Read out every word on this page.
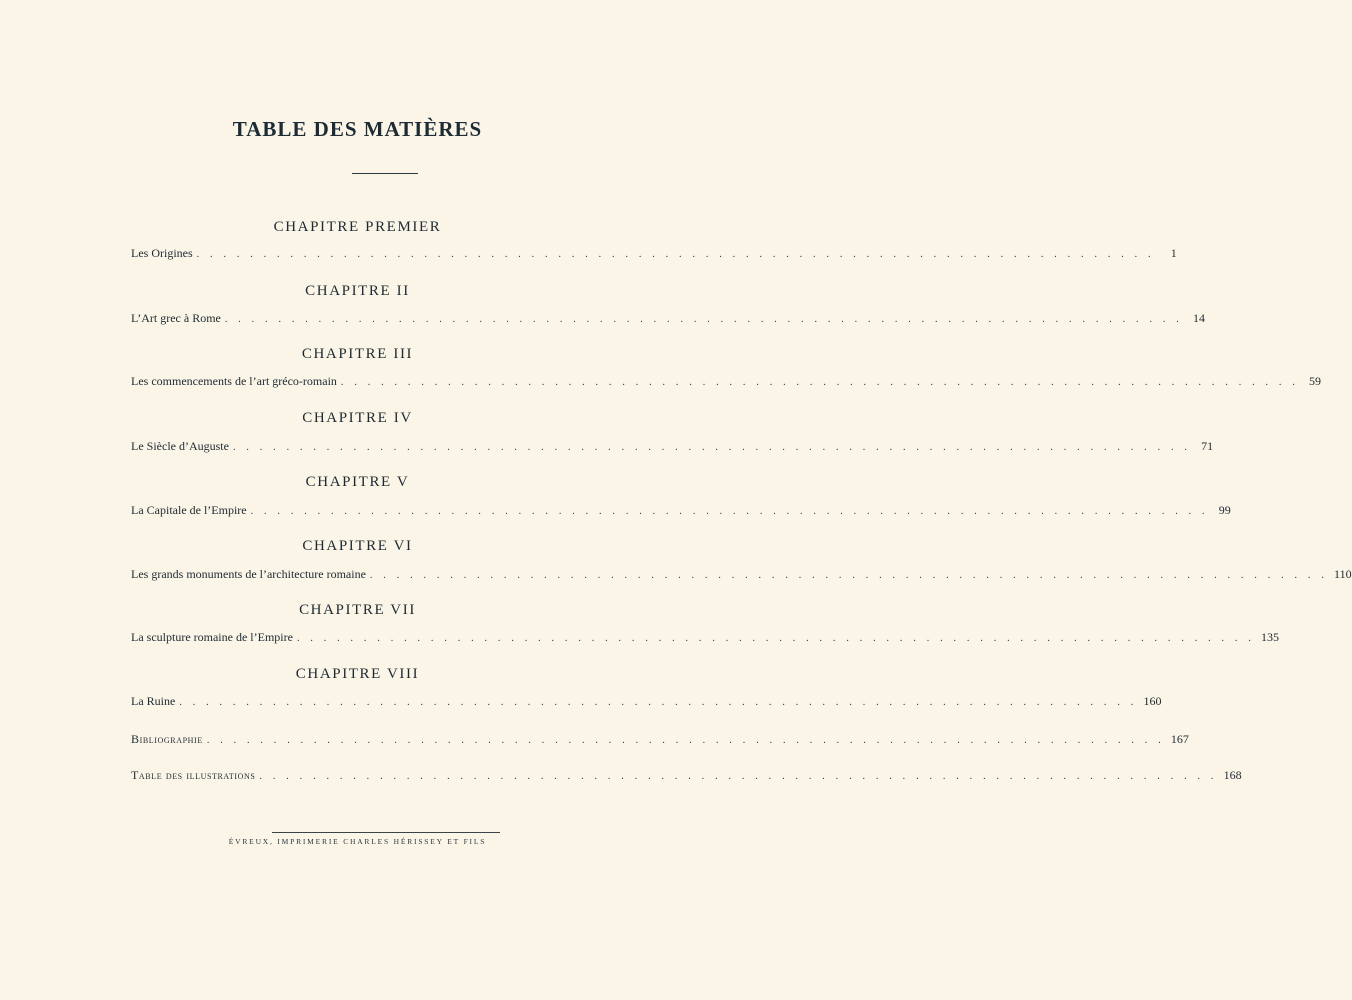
TABLE DES MATIÈRES
CHAPITRE PREMIER
Les Origines . . . . . . . . . . . . . . . . . . . . . . . . . . . . . . . . . . . . . . . . . . . . . . . . . . . . . . . . . . . . . . . . . . . . . . . .	1
CHAPITRE II
L’Art grec à Rome . . . . . . . . . . . . . . . . . . . . . . . . . . . . . . . . . . . . . . . . . . . . . . . . . . . . . . . . . . . . . . . . . . . . . . . . 14
CHAPITRE III
Les commencements de l’art gréco-romain . . . . . . . . . . . . . . . . . . . . . . . . . . . . . . . . . . . . . . . . . . . . . . . . . . . . . . . . . . . . . . . . . . . . . . . . 59
CHAPITRE IV
Le Siècle d’Auguste . . . . . . . . . . . . . . . . . . . . . . . . . . . . . . . . . . . . . . . . . . . . . . . . . . . . . . . . . . . . . . . . . . . . . . . . 71
CHAPITRE V
La Capitale de l’Empire . . . . . . . . . . . . . . . . . . . . . . . . . . . . . . . . . . . . . . . . . . . . . . . . . . . . . . . . . . . . . . . . . . . . . . . . 99
CHAPITRE VI
Les grands monuments de l’architecture romaine . . . . . . . . . . . . . . . . . . . . . . . . . . . . . . . . . . . . . . . . . . . . . . . . . . . . . . . . . . . . . . . . . . . . . . . . 110
CHAPITRE VII
La sculpture romaine de l’Empire . . . . . . . . . . . . . . . . . . . . . . . . . . . . . . . . . . . . . . . . . . . . . . . . . . . . . . . . . . . . . . . . . . . . . . . . 135
CHAPITRE VIII
La Ruine . . . . . . . . . . . . . . . . . . . . . . . . . . . . . . . . . . . . . . . . . . . . . . . . . . . . . . . . . . . . . . . . . . . . . . . . 160
Bibliographie . . . . . . . . . . . . . . . . . . . . . . . . . . . . . . . . . . . . . . . . . . . . . . . . . . . . . . . . . . . . . . . . . . . . . . . . 167
Table des illustrations . . . . . . . . . . . . . . . . . . . . . . . . . . . . . . . . . . . . . . . . . . . . . . . . . . . . . . . . . . . . . . . . . . . . . . . . 168
ÉVREUX, IMPRIMERIE CHARLES HÉRISSEY ET FILS
